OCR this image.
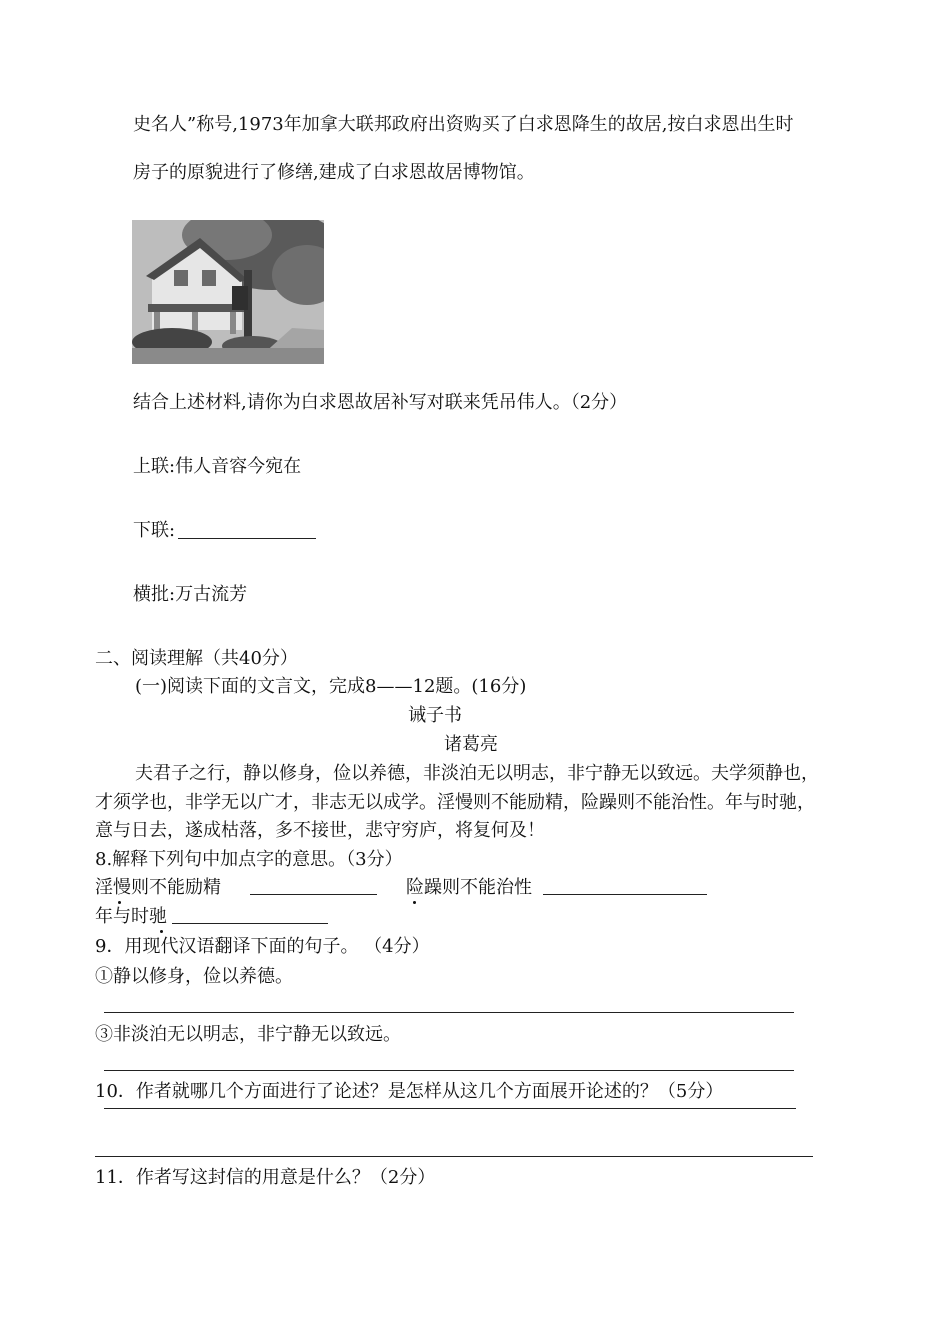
史名人”称号,1973年加拿大联邦政府出资购买了白求恩降生的故居,按白求恩出生时
房子的原貌进行了修缮,建成了白求恩故居博物馆。
结合上述材料,请你为白求恩故居补写对联来凭吊伟人。（2分）
上联:伟人音容今宛在
下联:
横批:万古流芳
二、阅读理解（共40分）
(一)阅读下面的文言文，完成8——12题。(16分)
诫子书
诸葛亮
夫君子之行，静以修身，俭以养德，非淡泊无以明志，非宁静无以致远。夫学须静也，
才须学也，非学无以广才，非志无以成学。淫慢则不能励精，险躁则不能治性。年与时驰，
意与日去，遂成枯落，多不接世，悲守穷庐，将复何及！
8.解释下列句中加点字的意思。（3分）
淫慢则不能励精	险躁则不能治性
年与时驰
9．用现代汉语翻译下面的句子。 （4分）
①静以修身，俭以养德。
③非淡泊无以明志，非宁静无以致远。
10．作者就哪几个方面进行了论述？是怎样从这几个方面展开论述的？（5分）
11．作者写这封信的用意是什么？（2分）
